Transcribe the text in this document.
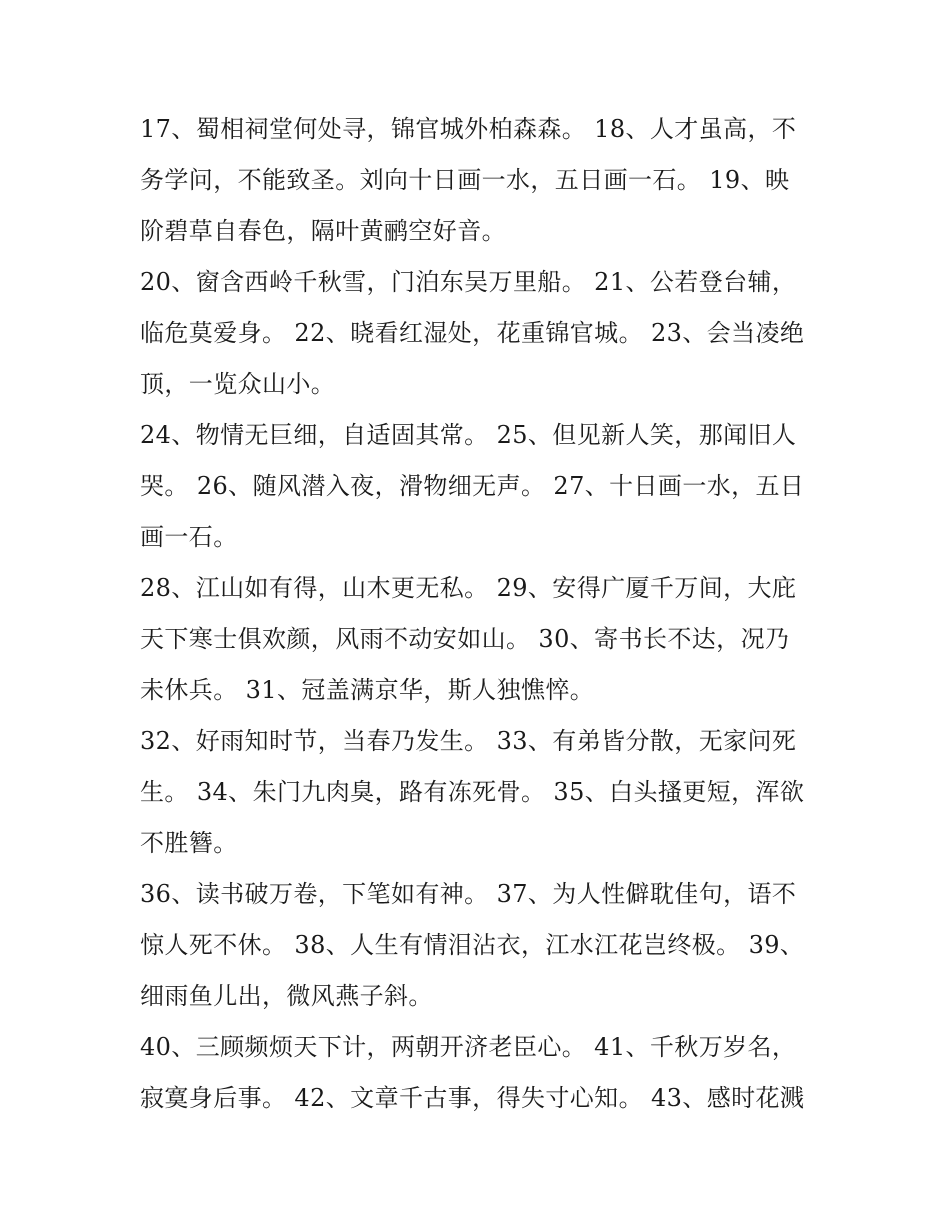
17、蜀相祠堂何处寻，锦官城外柏森森。 18、人才虽高，不务学问，不能致圣。刘向十日画一水，五日画一石。 19、映阶碧草自春色，隔叶黄鹂空好音。

20、窗含西岭千秋雪，门泊东吴万里船。 21、公若登台辅，临危莫爱身。 22、晓看红湿处，花重锦官城。 23、会当凌绝顶，一览众山小。

24、物情无巨细，自适固其常。 25、但见新人笑，那闻旧人哭。 26、随风潜入夜，滑物细无声。 27、十日画一水，五日画一石。

28、江山如有得，山木更无私。 29、安得广厦千万间，大庇天下寒士俱欢颜，风雨不动安如山。 30、寄书长不达，况乃未休兵。 31、冠盖满京华，斯人独憔悴。

32、好雨知时节，当春乃发生。 33、有弟皆分散，无家问死生。 34、朱门九肉臭，路有冻死骨。 35、白头搔更短，浑欲不胜簪。

36、读书破万卷，下笔如有神。 37、为人性僻耽佳句，语不惊人死不休。 38、人生有情泪沾衣，江水江花岂终极。 39、细雨鱼儿出，微风燕子斜。

40、三顾频烦天下计，两朝开济老臣心。 41、千秋万岁名，寂寞身后事。 42、文章千古事，得失寸心知。 43、感时花溅
